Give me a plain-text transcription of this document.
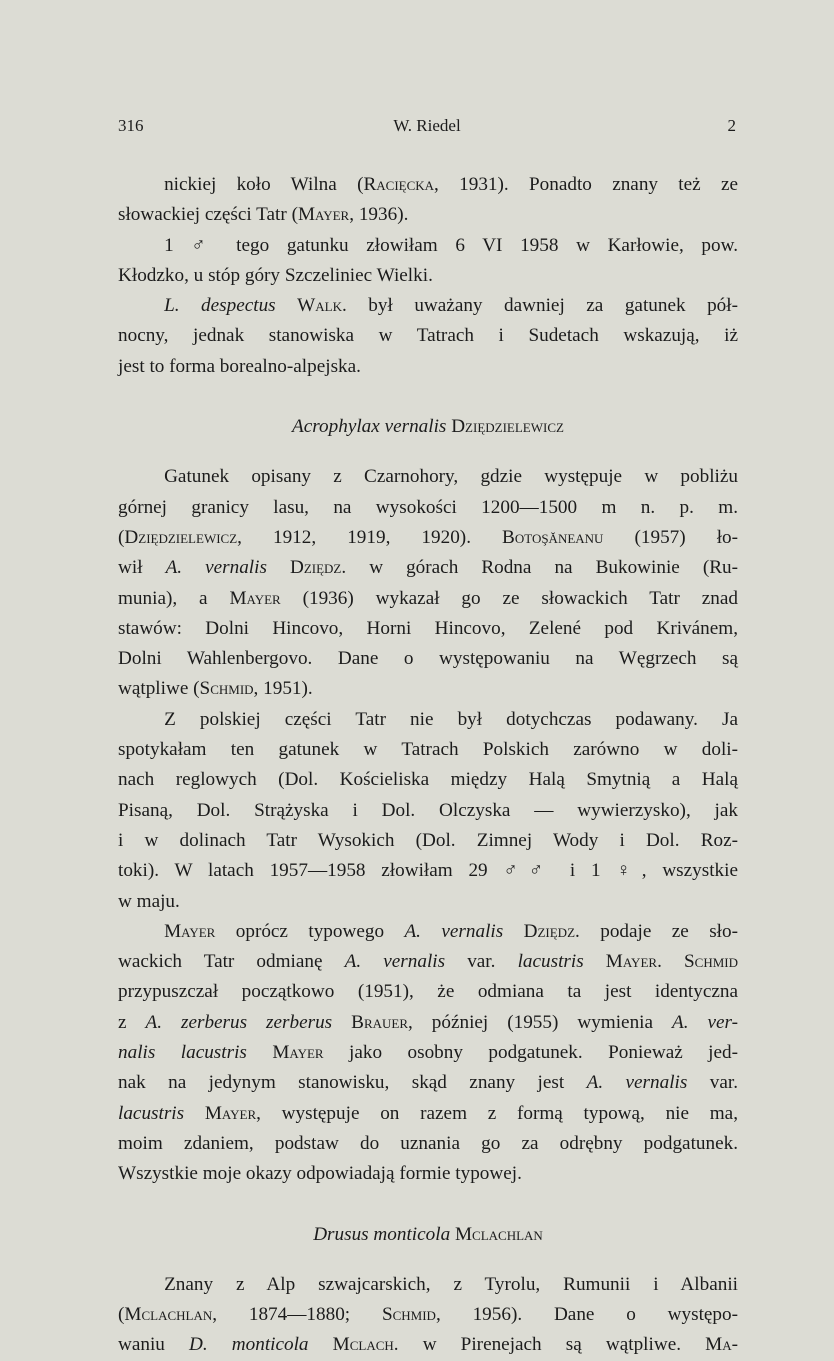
316	W. Riedel	2
nickiej koło Wilna (Racięcka, 1931). Ponadto znany też ze
słowackiej części Tatr (Mayer, 1936).
1 ♂ tego gatunku złowiłam 6 VI 1958 w Karłowie, pow.
Kłodzko, u stóp góry Szczeliniec Wielki.
L. despectus Walk. był uważany dawniej za gatunek pół-
nocny, jednak stanowiska w Tatrach i Sudetach wskazują, iż
jest to forma borealno-alpejska.
Acrophylax vernalis Dziędzielewicz
Gatunek opisany z Czarnohory, gdzie występuje w pobliżu
górnej granicy lasu, na wysokości 1200—1500 m n. p. m.
(Dziędzielewicz, 1912, 1919, 1920). Botoşăneanu (1957) ło-
wił A. vernalis Dziędz. w górach Rodna na Bukowinie (Ru-
munia), a Mayer (1936) wykazał go ze słowackich Tatr znad
stawów: Dolni Hincovo, Horni Hincovo, Zelené pod Krivánem,
Dolni Wahlenbergovo. Dane o występowaniu na Węgrzech są
wątpliwe (Schmid, 1951).
Z polskiej części Tatr nie był dotychczas podawany. Ja
spotykałam ten gatunek w Tatrach Polskich zarówno w doli-
nach reglowych (Dol. Kościeliska między Halą Smytnią a Halą
Pisaną, Dol. Strążyska i Dol. Olczyska — wywierzysko), jak
i w dolinach Tatr Wysokich (Dol. Zimnej Wody i Dol. Roz-
toki). W latach 1957—1958 złowiłam 29 ♂♂ i 1 ♀, wszystkie
w maju.
Mayer oprócz typowego A. vernalis Dziędz. podaje ze sło-
wackich Tatr odmianę A. vernalis var. lacustris Mayer. Schmid
przypuszczał początkowo (1951), że odmiana ta jest identyczna
z A. zerberus zerberus Brauer, później (1955) wymienia A. ver-
nalis lacustris Mayer jako osobny podgatunek. Ponieważ jed-
nak na jedynym stanowisku, skąd znany jest A. vernalis var.
lacustris Mayer, występuje on razem z formą typową, nie ma,
moim zdaniem, podstaw do uznania go za odrębny podgatunek.
Wszystkie moje okazy odpowiadają formie typowej.
Drusus monticola Mclachlan
Znany z Alp szwajcarskich, z Tyrolu, Rumunii i Albanii
(Mclachlan, 1874—1880; Schmid, 1956). Dane o występo-
waniu D. monticola Mclach. w Pirenejach są wątpliwe. Ma-
